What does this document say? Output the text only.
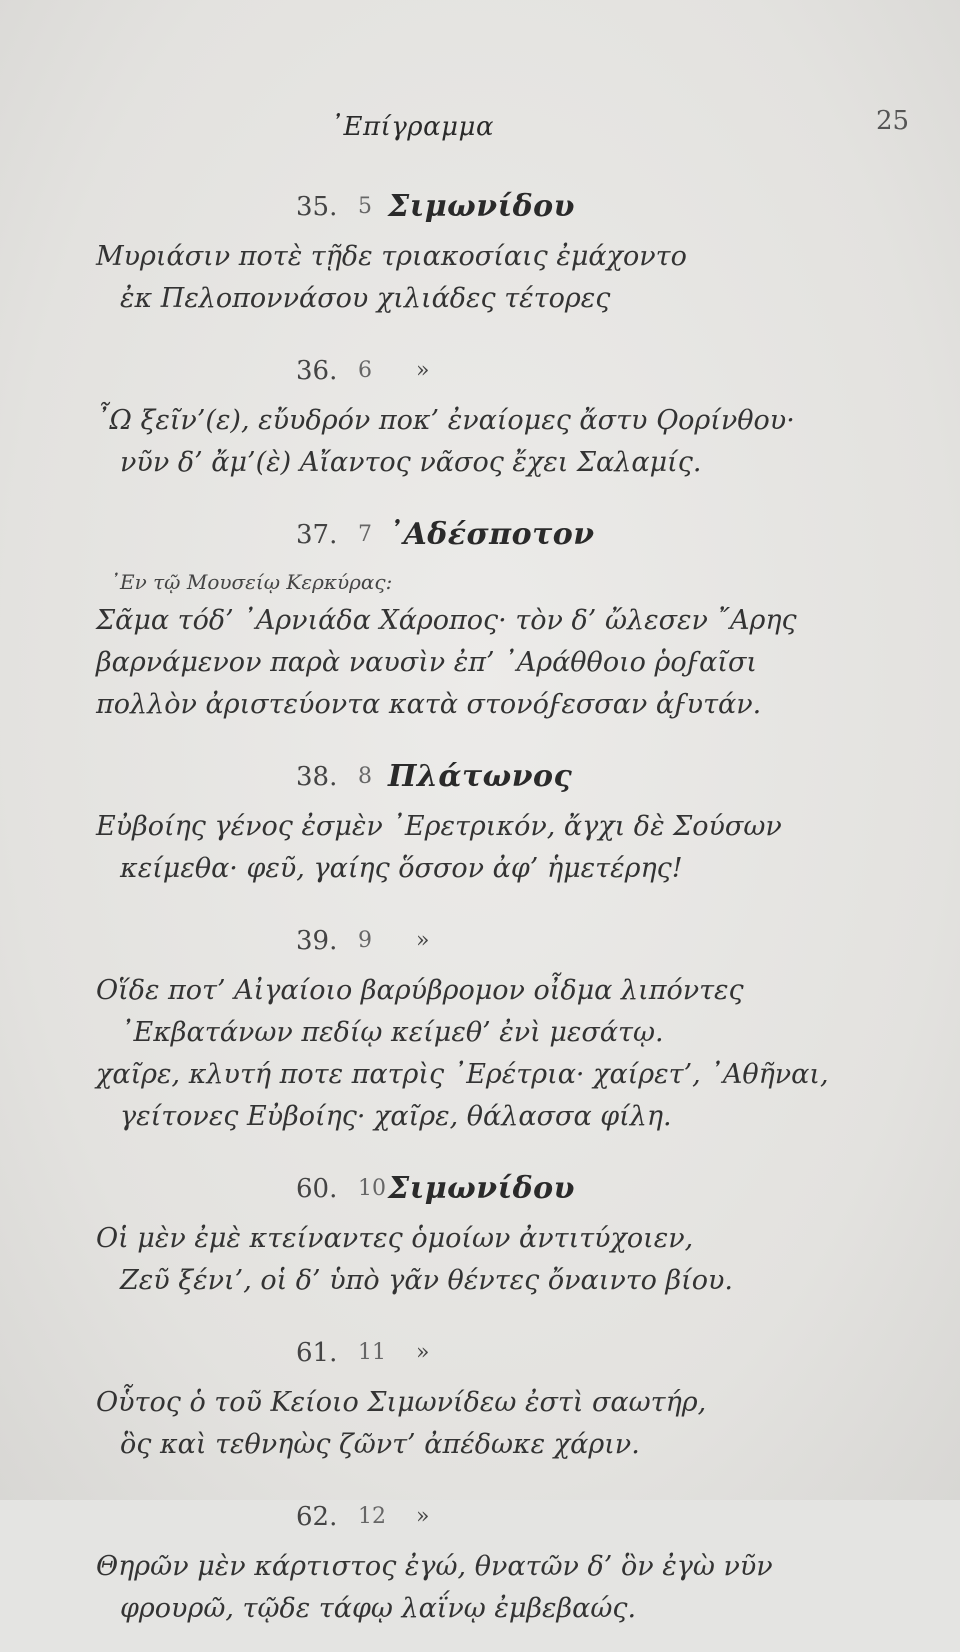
᾿Επίγραμμα	25
35. 5 Σιμωνίδου
Μυριάσιν ποτὲ τῇδε τριακοσίαις ἐμάχοντο
ἐκ Πελοποννάσου χιλιάδες τέτορες
36. 6 »
῏Ω ξεῖν’(ε), εὔυδρόν ποκ’ ἐναίομες ἄστυ Ϙορίνθου·
νῦν δ’ ἄμ’(ὲ) Αἴαντος νᾶσος ἔχει Σαλαμίς.
37. 7 ᾿Αδέσποτον
᾿Εν τῷ Μουσείῳ Κερκύρας:
Σᾶμα τόδ’ ᾿Αρνιάδα Χάροπος· τὸν δ’ ὤλεσεν ῎Αρης
βαρνάμενον παρὰ ναυσὶν ἐπ’ ᾿Αράθθοιο ῥοϝαῖσι
πολλὸν ἀριστεύοντα κατὰ στονόϝεσσαν ἀϝυτάν.
38. 8 Πλάτωνος
Εὐβοίης γένος ἐσμὲν ᾿Ερετρικόν, ἄγχι δὲ Σούσων
κείμεθα· φεῦ, γαίης ὅσσον ἀφ’ ἡμετέρης!
39. 9 »
Οἵδε ποτ’ Αἰγαίοιο βαρύβρομον οἶδμα λιπόντες
᾿Εκβατάνων πεδίῳ κείμεθ’ ἐνὶ μεσάτῳ.
χαῖρε, κλυτή ποτε πατρὶς ᾿Ερέτρια· χαίρετ’, ᾿Αθῆναι,
γείτονες Εὐβοίης· χαῖρε, θάλασσα φίλη.
60. 10 Σιμωνίδου
Οἱ μὲν ἐμὲ κτείναντες ὁμοίων ἀντιτύχοιεν,
Ζεῦ ξένι’, οἱ δ’ ὑπὸ γᾶν θέντες ὄναιντο βίου.
61. 11 »
Οὗτος ὁ τοῦ Κείοιο Σιμωνίδεω ἐστὶ σαωτήρ,
ὃς καὶ τεθνηὼς ζῶντ’ ἀπέδωκε χάριν.
62. 12 »
Θηρῶν μὲν κάρτιστος ἐγώ, θνατῶν δ’ ὃν ἐγὼ νῦν
φρουρῶ, τῷδε τάφῳ λαΐνῳ ἐμβεβαώς.
